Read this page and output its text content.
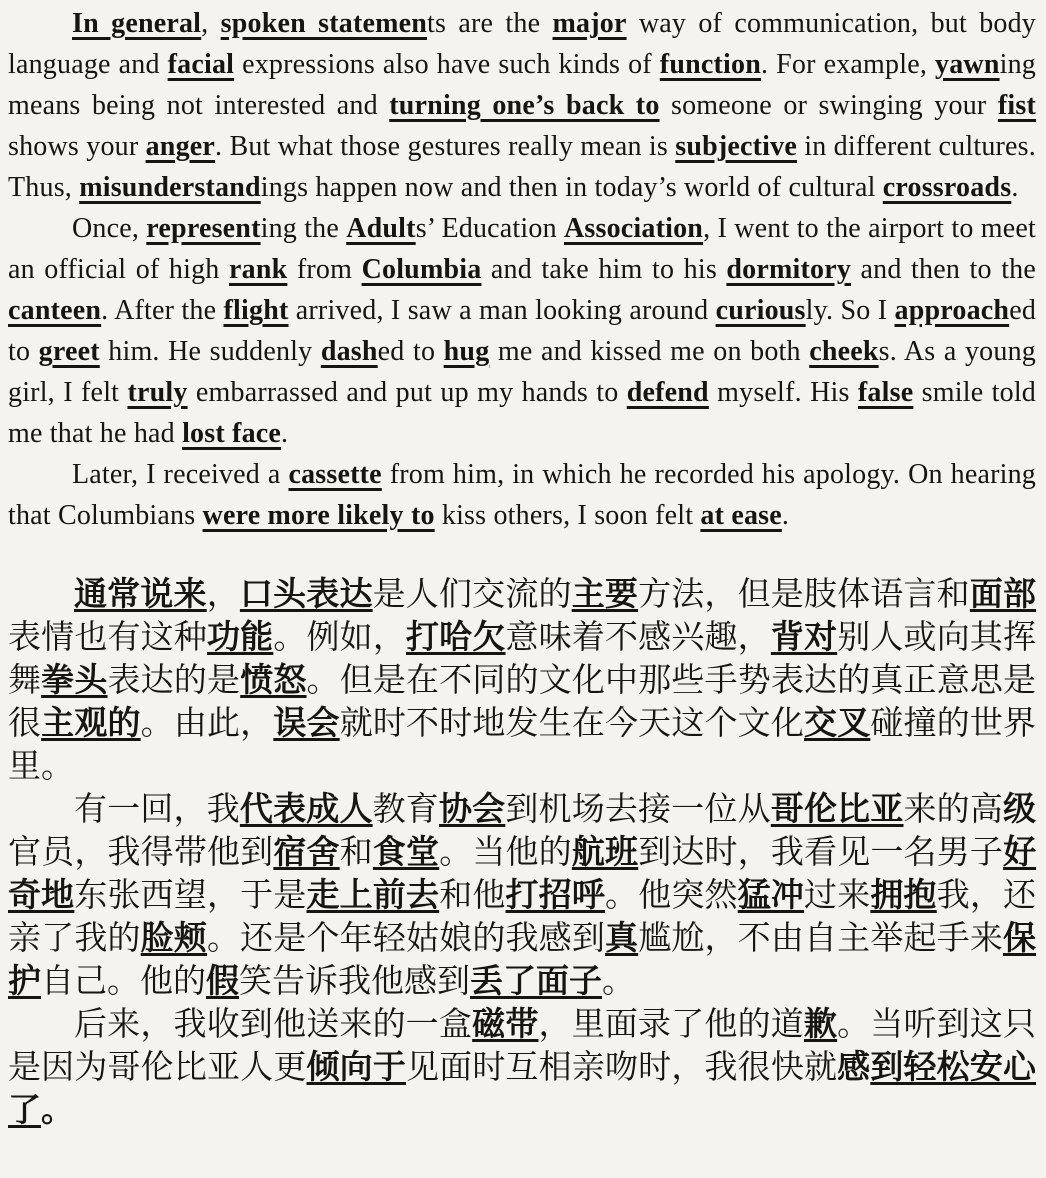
In general, spoken statements are the major way of communication, but body language and facial expressions also have such kinds of function. For example, yawning means being not interested and turning one’s back to someone or swinging your fist shows your anger. But what those gestures really mean is subjective in different cultures. Thus, misunderstandings happen now and then in today’s world of cultural crossroads.

Once, representing the Adults’ Education Association, I went to the airport to meet an official of high rank from Columbia and take him to his dormitory and then to the canteen. After the flight arrived, I saw a man looking around curiously. So I approached to greet him. He suddenly dashed to hug me and kissed me on both cheeks. As a young girl, I felt truly embarrassed and put up my hands to defend myself. His false smile told me that he had lost face.

Later, I received a cassette from him, in which he recorded his apology. On hearing that Columbians were more likely to kiss others, I soon felt at ease.

通常说来，口头表达是人们交流的主要方法，但是肢体语言和面部表情也有这种功能。例如，打哈欠意味着不感兴趣，背对别人或向其挥舞拳头表达的是愤怒。但是在不同的文化中那些手势表达的真正意思是很主观的。由此，误会就时不时地发生在今天这个文化交叉碰撞的世界里。

有一回，我代表成人教育协会到机场去接一位从哥伦比亚来的高级官员，我得带他到宿舍和食堂。当他的航班到达时，我看见一名男子好奇地东张西望，于是走上前去和他打招呼。他突然猛冲过来拥抱我，还亲了我的脸颊。还是个年轻姑娘的我感到真尴尬，不由自主举起手来保护自己。他的假笑告诉我他感到丢了面子。

后来，我收到他送来的一盒磁带，里面录了他的道歉。当听到这只是因为哥伦比亚人更倾向于见面时互相亲吻时，我很快就感到轻松安心了。
